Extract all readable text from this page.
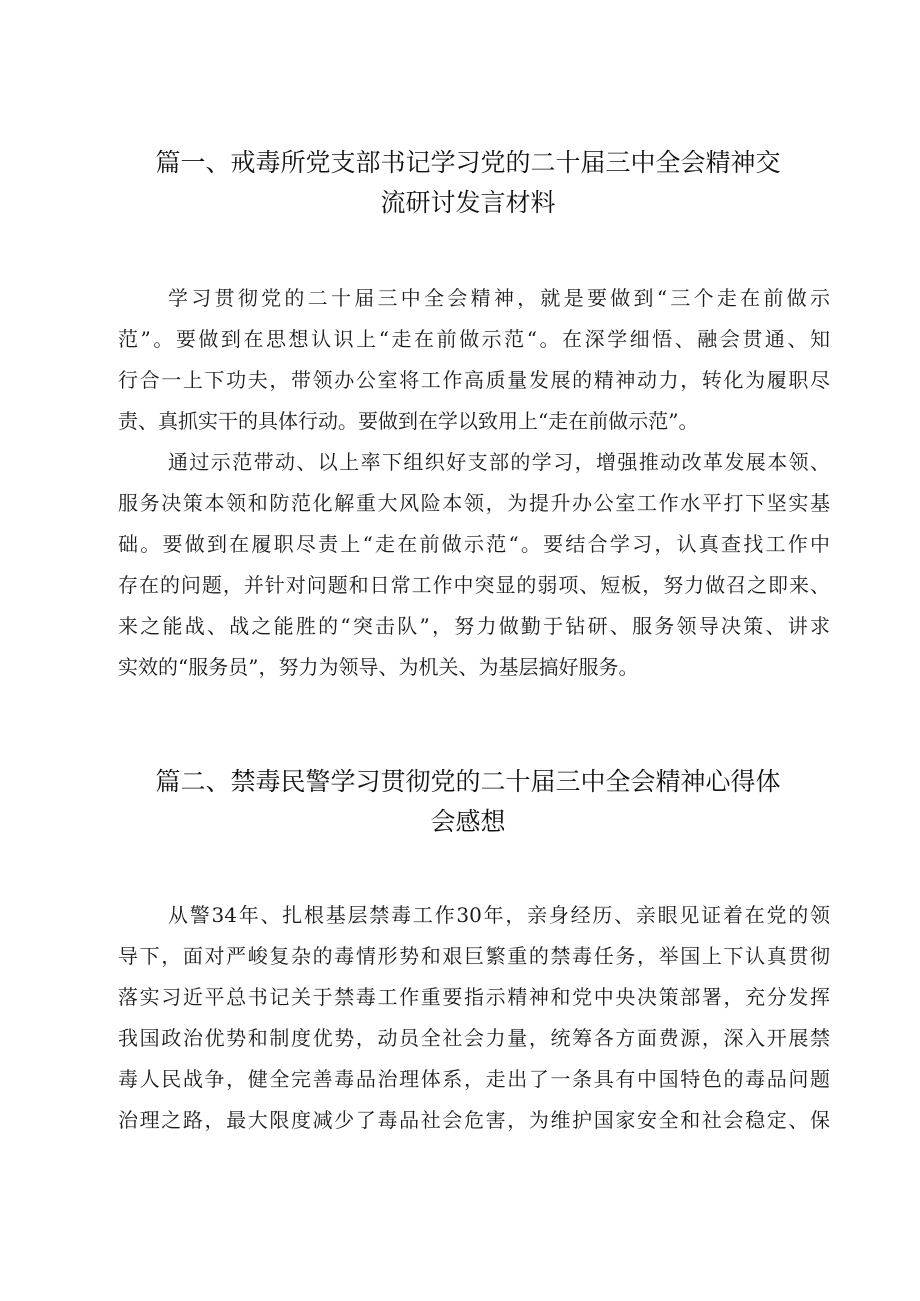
篇一、戒毒所党支部书记学习党的二十届三中全会精神交
流研讨发言材料
学习贯彻党的二十届三中全会精神，就是要做到“三个走在前做示
范”。要做到在思想认识上“走在前做示范“。在深学细悟、融会贯通、知
行合一上下功夫，带领办公室将工作高质量发展的精神动力，转化为履职尽
责、真抓实干的具体行动。要做到在学以致用上“走在前做示范”。
通过示范带动、以上率下组织好支部的学习，增强推动改革发展本领、
服务决策本领和防范化解重大风险本领，为提升办公室工作水平打下坚实基
础。要做到在履职尽责上“走在前做示范“。要结合学习，认真查找工作中
存在的问题，并针对问题和日常工作中突显的弱项、短板，努力做召之即来、
来之能战、战之能胜的“突击队”，努力做勤于钻研、服务领导决策、讲求
实效的“服务员”，努力为领导、为机关、为基层搞好服务。
篇二、禁毒民警学习贯彻党的二十届三中全会精神心得体
会感想
从警34年、扎根基层禁毒工作30年，亲身经历、亲眼见证着在党的领
导下，面对严峻复杂的毒情形势和艰巨繁重的禁毒任务，举国上下认真贯彻
落实习近平总书记关于禁毒工作重要指示精神和党中央决策部署，充分发挥
我国政治优势和制度优势，动员全社会力量，统筹各方面费源，深入开展禁
毒人民战争，健全完善毒品治理体系，走出了一条具有中国特色的毒品问题
治理之路，最大限度减少了毒品社会危害，为维护国家安全和社会稳定、保
